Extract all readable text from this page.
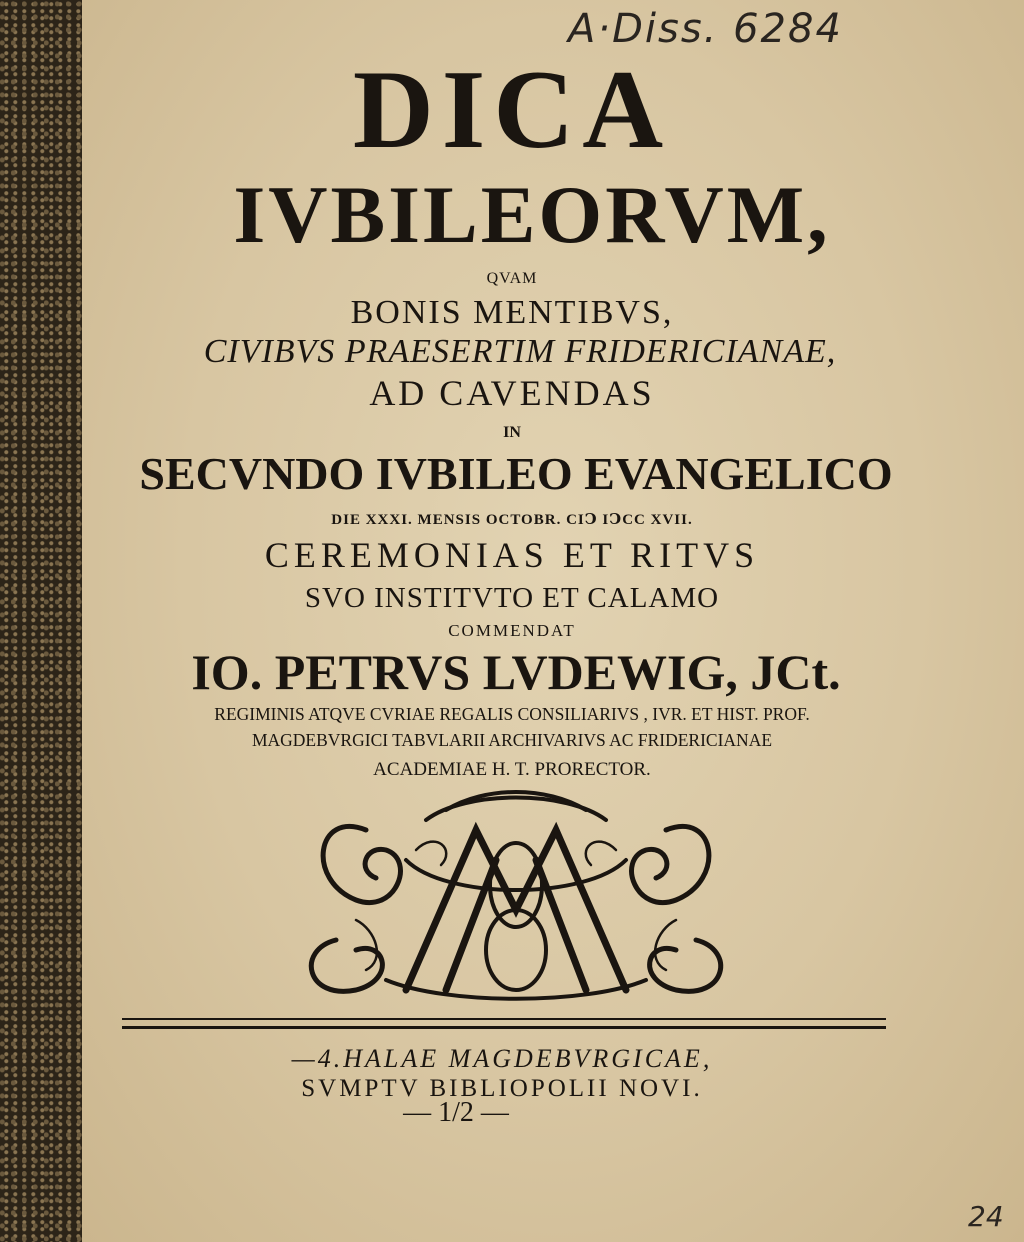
A·Diss. 6284
DICA
IVBILEORVM,
QVAM
BONIS MENTIBVS,
CIVIBVS PRAESERTIM FRIDERICIANAE,
AD CAVENDAS
IN
SECVNDO IVBILEO EVANGELICO
DIE XXXI. MENSIS OCTOBR. CIↃ IↃCC XVII.
CEREMONIAS ET RITVS
SVO INSTITVTO ET CALAMO
COMMENDAT
IO. PETRVS LVDEWIG, JCt.
REGIMINIS ATQVE CVRIAE REGALIS CONSILIARIVS , IVR. ET HIST. PROF.
MAGDEBVRGICI TABVLARII ARCHIVARIVS AC FRIDERICIANAE
ACADEMIAE H. T. PRORECTOR.
—4.HALAE MAGDEBVRGICAE,
SVMPTV BIBLIOPOLII NOVI.
— 1/2 —
24
